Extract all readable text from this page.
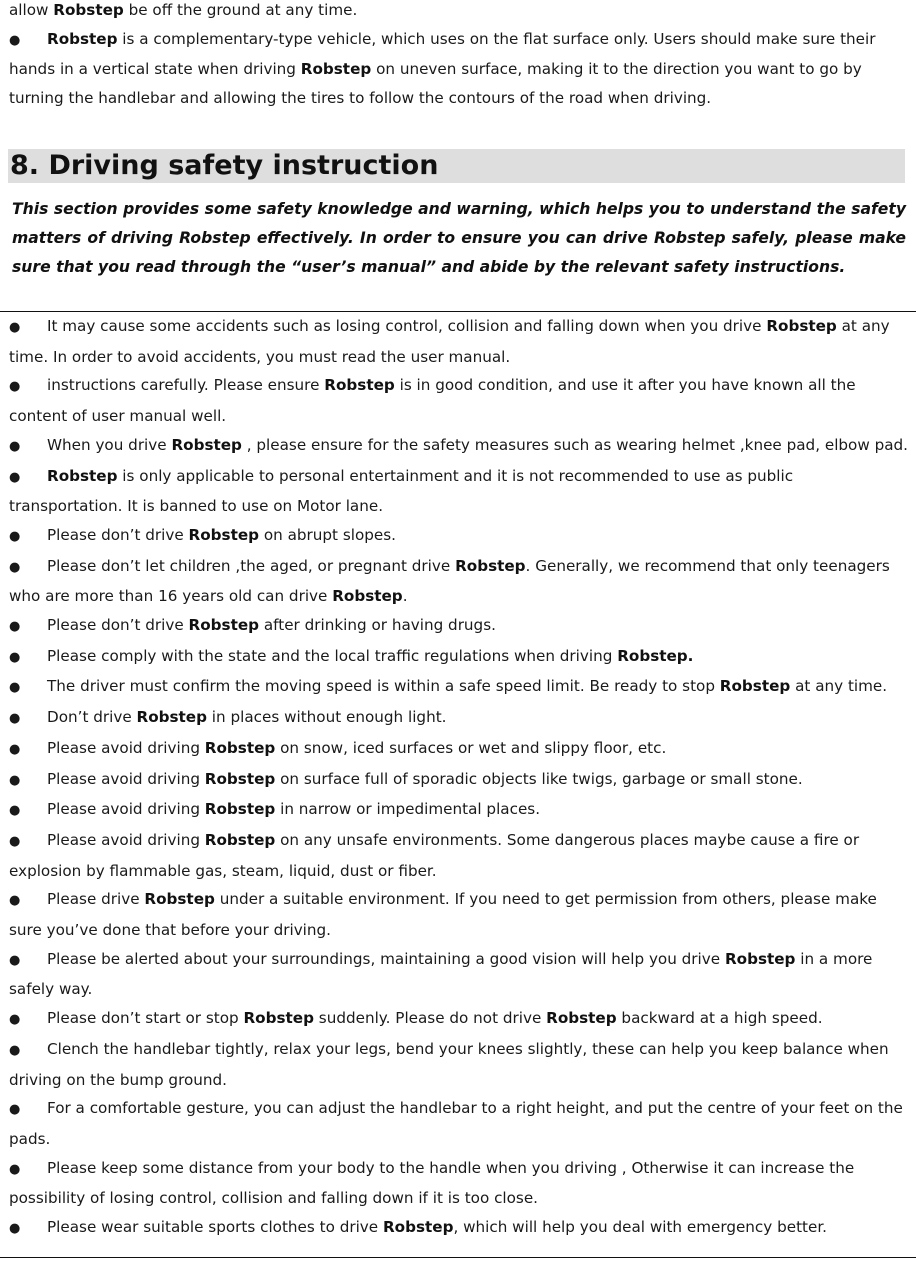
allow Robstep be off the ground at any time.

● Robstep is a complementary-type vehicle, which uses on the flat surface only. Users should make sure their hands in a vertical state when driving Robstep on uneven surface, making it to the direction you want to go by turning the handlebar and allowing the tires to follow the contours of the road when driving.

8. Driving safety instruction

This section provides some safety knowledge and warning, which helps you to understand the safety matters of driving Robstep effectively. In order to ensure you can drive Robstep safely, please make sure that you read through the “user’s manual” and abide by the relevant safety instructions.

● It may cause some accidents such as losing control, collision and falling down when you drive Robstep at any time. In order to avoid accidents, you must read the user manual.
● instructions carefully. Please ensure Robstep is in good condition, and use it after you have known all the content of user manual well.
● When you drive Robstep , please ensure for the safety measures such as wearing helmet ,knee pad, elbow pad.
● Robstep is only applicable to personal entertainment and it is not recommended to use as public transportation. It is banned to use on Motor lane.
● Please don’t drive Robstep on abrupt slopes.
● Please don’t let children ,the aged, or pregnant drive Robstep. Generally, we recommend that only teenagers who are more than 16 years old can drive Robstep.
● Please don’t drive Robstep after drinking or having drugs.
● Please comply with the state and the local traffic regulations when driving Robstep.
● The driver must confirm the moving speed is within a safe speed limit. Be ready to stop Robstep at any time.
● Don’t drive Robstep in places without enough light.
● Please avoid driving Robstep on snow, iced surfaces or wet and slippy floor, etc.
● Please avoid driving Robstep on surface full of sporadic objects like twigs, garbage or small stone.
● Please avoid driving Robstep in narrow or impedimental places.
● Please avoid driving Robstep on any unsafe environments. Some dangerous places maybe cause a fire or explosion by flammable gas, steam, liquid, dust or fiber.
● Please drive Robstep under a suitable environment. If you need to get permission from others, please make sure you’ve done that before your driving.
● Please be alerted about your surroundings, maintaining a good vision will help you drive Robstep in a more safely way.
● Please don’t start or stop Robstep suddenly. Please do not drive Robstep backward at a high speed.
● Clench the handlebar tightly, relax your legs, bend your knees slightly, these can help you keep balance when driving on the bump ground.
● For a comfortable gesture, you can adjust the handlebar to a right height, and put the centre of your feet on the pads.
● Please keep some distance from your body to the handle when you driving , Otherwise it can increase the possibility of losing control, collision and falling down if it is too close.
● Please wear suitable sports clothes to drive Robstep, which will help you deal with emergency better.
